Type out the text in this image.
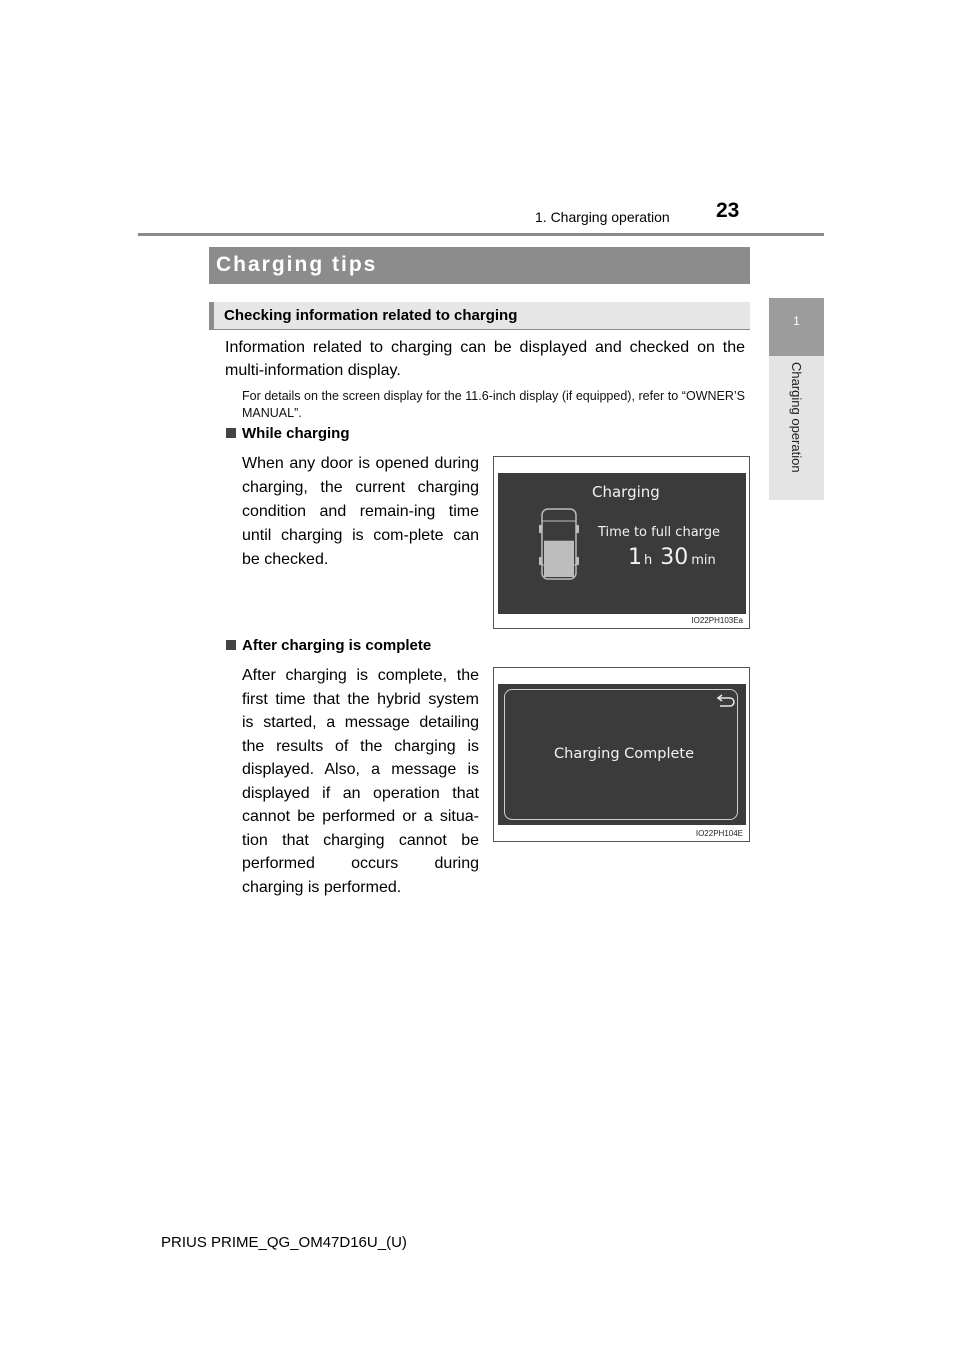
1. Charging operation 23
1
Charging operation
Charging tips
Checking information related to charging
Information related to charging can be displayed and checked on the multi-information display.
For details on the screen display for the 11.6-inch display (if equipped), refer to “OWNER’S MANUAL”.
While charging
When any door is opened during charging, the current charging condition and remain-ing time until charging is com-plete can be checked.
Charging
Time to full charge
1 h 30 min
IO22PH103Ea
After charging is complete
After charging is complete, the first time that the hybrid system is started, a message detailing the results of the charging is displayed. Also, a message is displayed if an operation that cannot be performed or a situa-tion that charging cannot be performed occurs during charging is performed.
Charging Complete
IO22PH104E
PRIUS PRIME_QG_OM47D16U_(U)
